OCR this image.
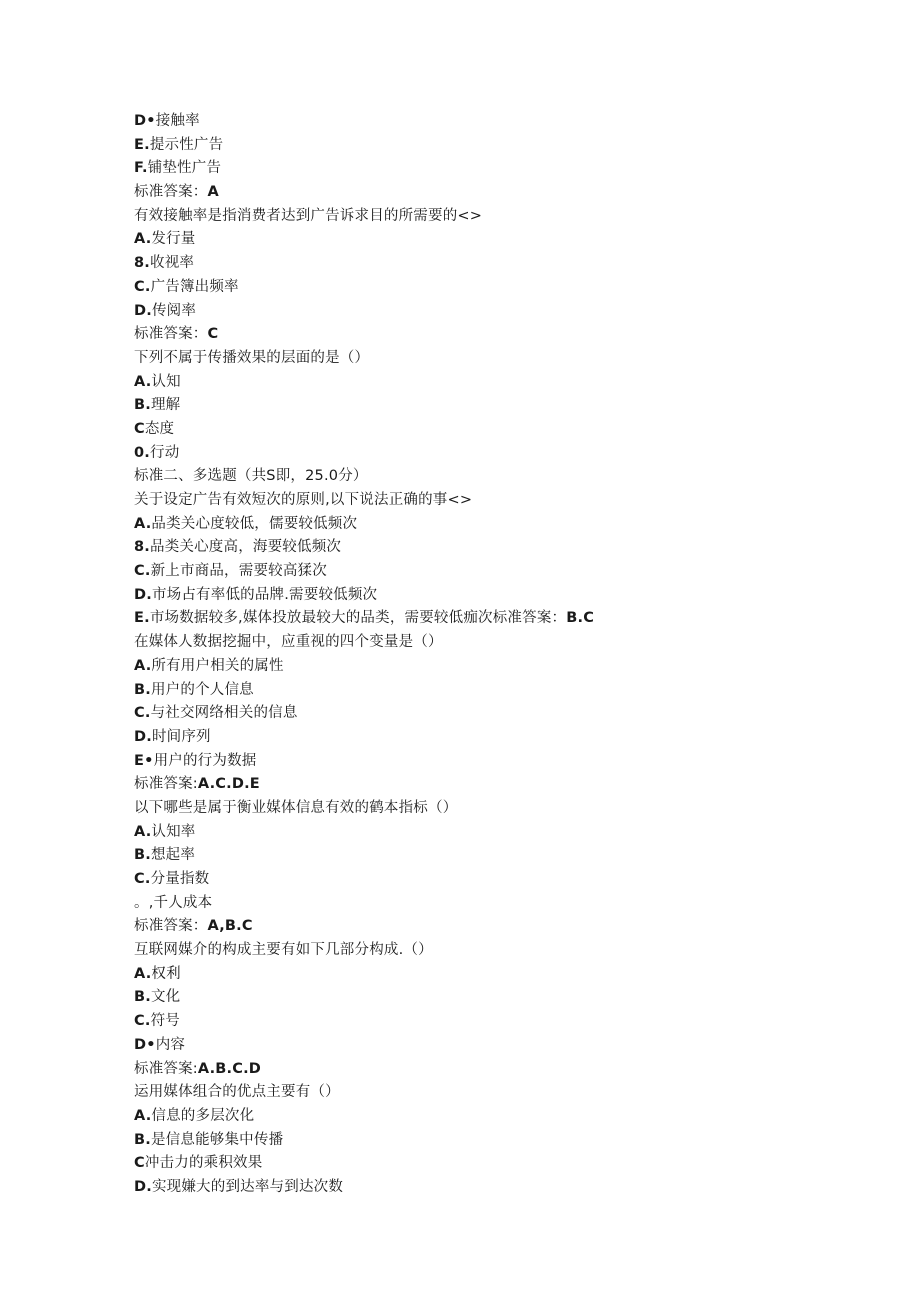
D•接触率
E.提示性广告
F.铺垫性广告
标准答案：A
有效接触率是指消费者达到广告诉求目的所需要的<>
A.发行量
8.收视率
C.广告簿出频率
D.传阅率
标准答案：C
下列不属于传播效果的层面的是（）
A.认知
B.理解
C态度
0.行动
标准二、多选题（共S即，25.0分）
关于设定广告有效短次的原则,以下说法正确的事<>
A.品类关心度较低，儒要较低频次
8.品类关心度高，海要较低频次
C.新上市商品，需要较高猱次
D.市场占有率低的品牌.需要较低频次
E.市场数据较多,媒体投放最较大的品类，需要较低痂次标准答案：B.C
在媒体人数据挖掘中，应重视的四个变量是（）
A.所有用户相关的属性
B.用户的个人信息
C.与社交网络相关的信息
D.时间序列
E•用户的行为数据
标准答案:A.C.D.E
以下哪些是属于衡业媒体信息有效的鹤本指标（）
A.认知率
B.想起率
C.分量指数
。,千人成本
标准答案：A,B.C
互联网媒介的构成主要有如下几部分构成.（）
A.权利
B.文化
C.符号
D•内容
标准答案:A.B.C.D
运用媒体组合的优点主要有（）
A.信息的多层次化
B.是信息能够集中传播
C冲击力的乘积效果
D.实现嫌大的到达率与到达次数
